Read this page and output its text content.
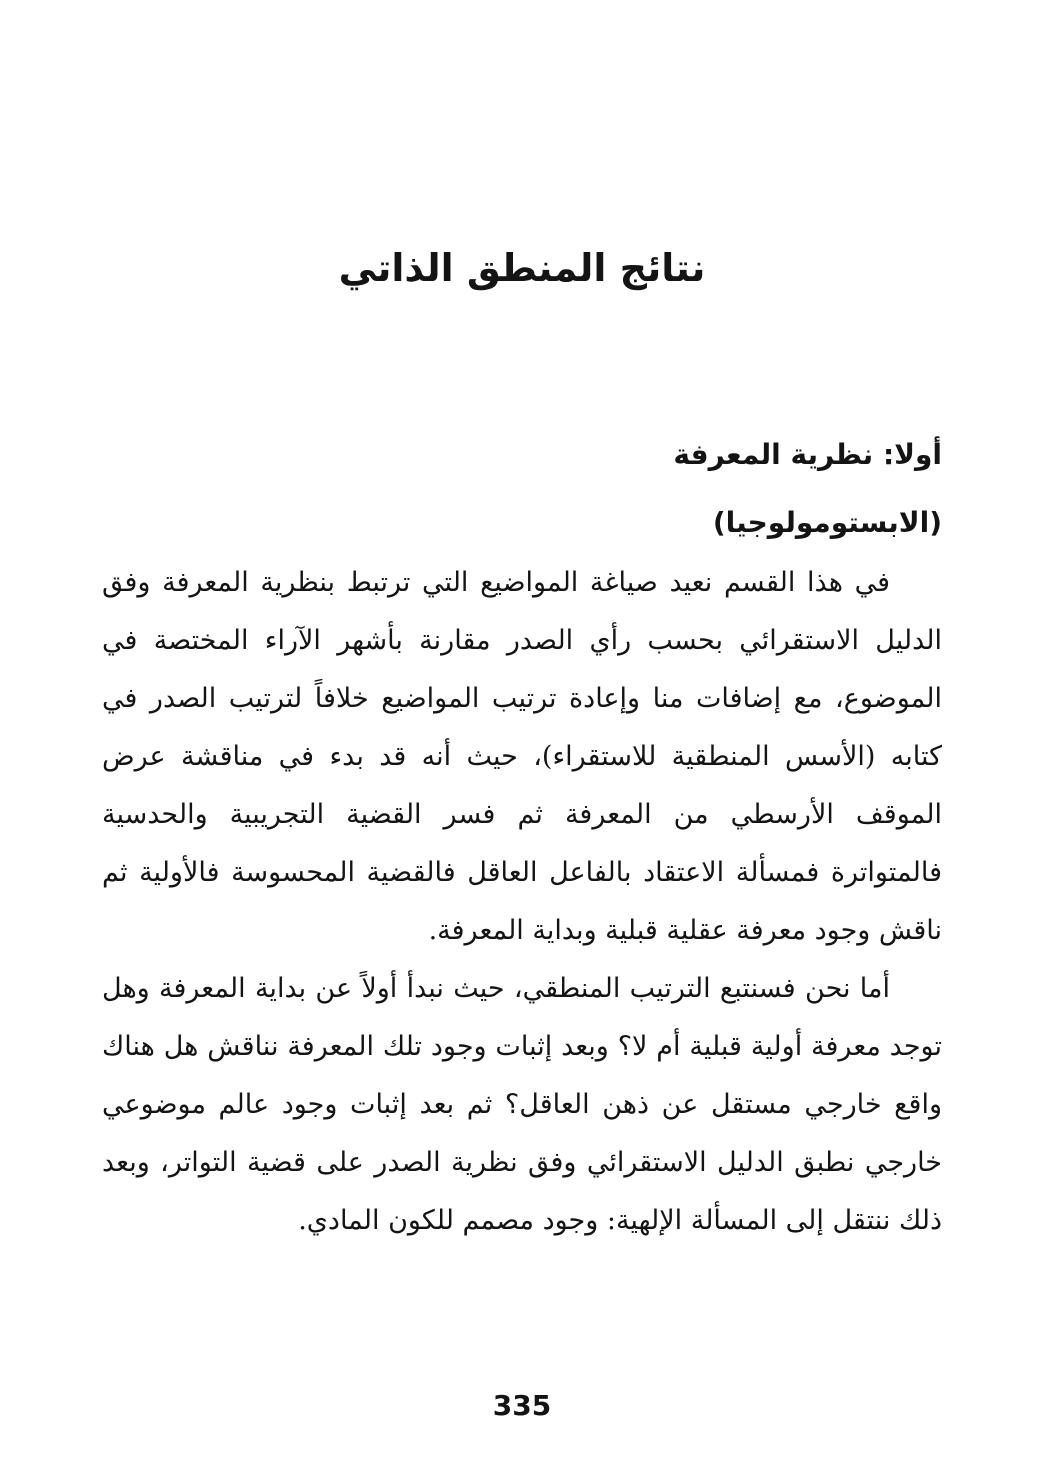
نتائج المنطق الذاتي
أولا: نظرية المعرفة
(الابستومولوجيا)

في هذا القسم نعيد صياغة المواضيع التي ترتبط بنظرية المعرفة وفق الدليل الاستقرائي بحسب رأي الصدر مقارنة بأشهر الآراء المختصة في الموضوع، مع إضافات منا وإعادة ترتيب المواضيع خلافاً لترتيب الصدر في كتابه (الأسس المنطقية للاستقراء)، حيث أنه قد بدء في مناقشة عرض الموقف الأرسطي من المعرفة ثم فسر القضية التجريبية والحدسية فالمتواترة فمسألة الاعتقاد بالفاعل العاقل فالقضية المحسوسة فالأولية ثم ناقش وجود معرفة عقلية قبلية وبداية المعرفة.

أما نحن فسنتبع الترتيب المنطقي، حيث نبدأ أولاً عن بداية المعرفة وهل توجد معرفة أولية قبلية أم لا؟ وبعد إثبات وجود تلك المعرفة نناقش هل هناك واقع خارجي مستقل عن ذهن العاقل؟ ثم بعد إثبات وجود عالم موضوعي خارجي نطبق الدليل الاستقرائي وفق نظرية الصدر على قضية التواتر، وبعد ذلك ننتقل إلى المسألة الإلهية: وجود مصمم للكون المادي.

335
